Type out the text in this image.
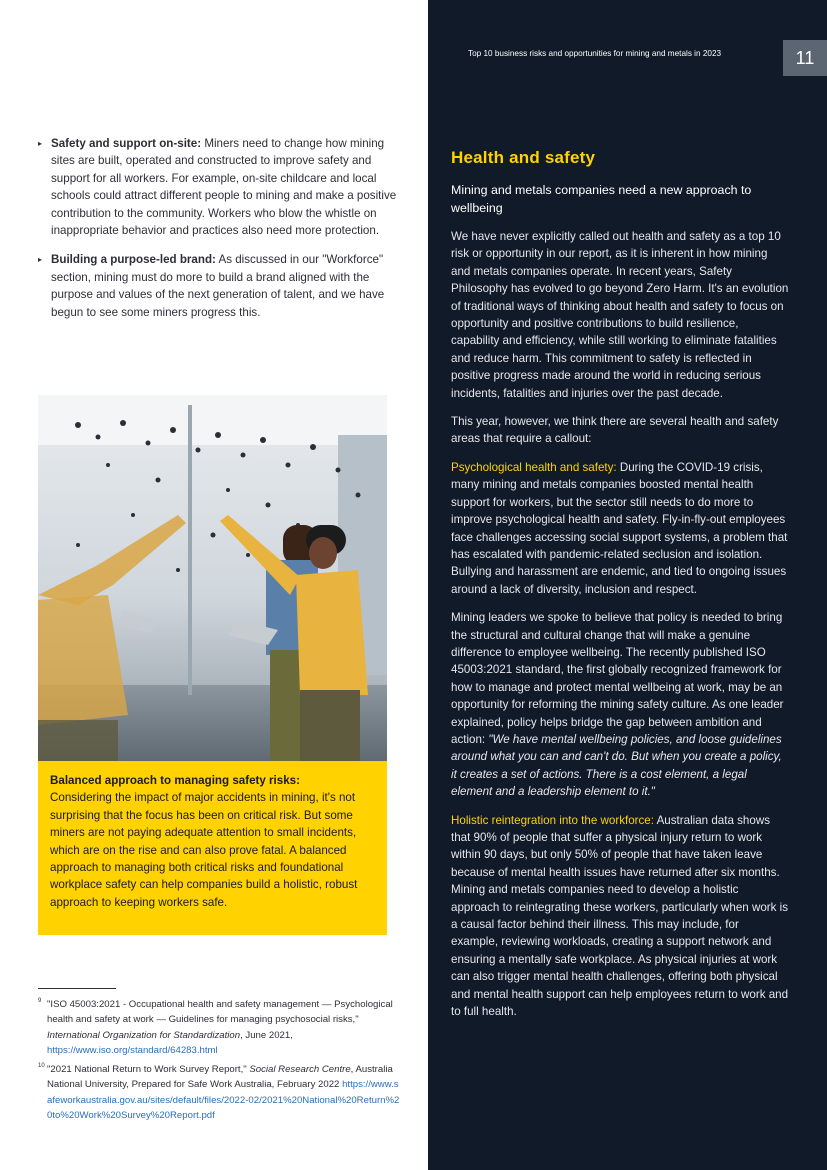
Top 10 business risks and opportunities for mining and metals in 2023	11
▸ Safety and support on-site: Miners need to change how mining sites are built, operated and constructed to improve safety and support for all workers. For example, on-site childcare and local schools could attract different people to mining and make a positive contribution to the community. Workers who blow the whistle on inappropriate behavior and practices also need more protection.
▸ Building a purpose-led brand: As discussed in our "Workforce" section, mining must do more to build a brand aligned with the purpose and values of the next generation of talent, and we have begun to see some miners progress this.
Balanced approach to managing safety risks:
Considering the impact of major accidents in mining, it's not surprising that the focus has been on critical risk. But some miners are not paying adequate attention to small incidents, which are on the rise and can also prove fatal. A balanced approach to managing both critical risks and foundational workplace safety can help companies build a holistic, robust approach to keeping workers safe.
9 "ISO 45003:2021 - Occupational health and safety management — Psychological health and safety at work — Guidelines for managing psychosocial risks," International Organization for Standardization, June 2021, https://www.iso.org/standard/64283.html
10 "2021 National Return to Work Survey Report," Social Research Centre, Australia National University, Prepared for Safe Work Australia, February 2022 https://www.safeworkaustralia.gov.au/sites/default/files/2022-02/2021%20National%20Return%20to%20Work%20Survey%20Report.pdf
Health and safety
Mining and metals companies need a new approach to wellbeing

We have never explicitly called out health and safety as a top 10 risk or opportunity in our report, as it is inherent in how mining and metals companies operate. In recent years, Safety Philosophy has evolved to go beyond Zero Harm. It's an evolution of traditional ways of thinking about health and safety to focus on opportunity and positive contributions to build resilience, capability and efficiency, while still working to eliminate fatalities and reduce harm. This commitment to safety is reflected in positive progress made around the world in reducing serious incidents, fatalities and injuries over the past decade.

This year, however, we think there are several health and safety areas that require a callout:

Psychological health and safety: During the COVID-19 crisis, many mining and metals companies boosted mental health support for workers, but the sector still needs to do more to improve psychological health and safety. Fly-in-fly-out employees face challenges accessing social support systems, a problem that has escalated with pandemic-related seclusion and isolation. Bullying and harassment are endemic, and tied to ongoing issues around a lack of diversity, inclusion and respect.

Mining leaders we spoke to believe that policy is needed to bring the structural and cultural change that will make a genuine difference to employee wellbeing. The recently published ISO 45003:2021 standard, the first globally recognized framework for how to manage and protect mental wellbeing at work, may be an opportunity for reforming the mining safety culture. As one leader explained, policy helps bridge the gap between ambition and action: "We have mental wellbeing policies, and loose guidelines around what you can and can't do. But when you create a policy, it creates a set of actions. There is a cost element, a legal element and a leadership element to it."

Holistic reintegration into the workforce: Australian data shows that 90% of people that suffer a physical injury return to work within 90 days, but only 50% of people that have taken leave because of mental health issues have returned after six months. Mining and metals companies need to develop a holistic approach to reintegrating these workers, particularly when work is a causal factor behind their illness. This may include, for example, reviewing workloads, creating a support network and ensuring a mentally safe workplace. As physical injuries at work can also trigger mental health challenges, offering both physical and mental health support can help employees return to work and to full health.
